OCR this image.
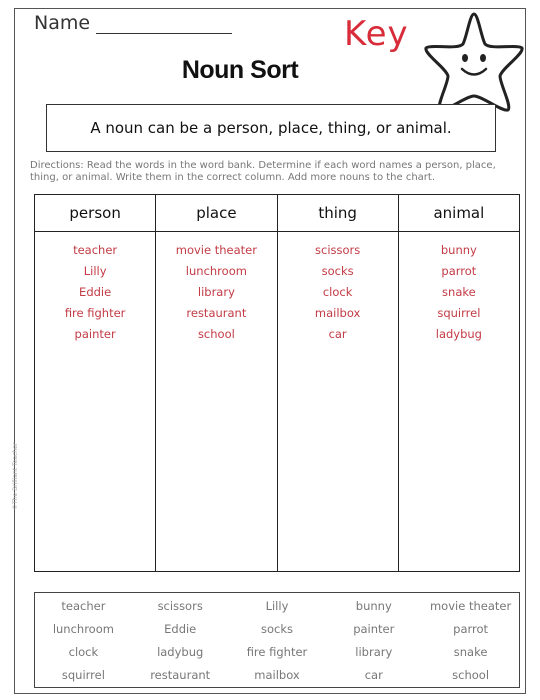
Name	Key
Noun Sort
A noun can be a person, place, thing, or animal.
Directions: Read the words in the word bank. Determine if each word names a person, place, thing, or animal. Write them in the correct column. Add more nouns to the chart.
person
teacher
Lilly
Eddie
fire fighter
painter
place
movie theater
lunchroom
library
restaurant
school
thing
scissors
socks
clock
mailbox
car
animal
bunny
parrot
snake
squirrel
ladybug
teacher	scissors	Lilly	bunny	movie theater
lunchroom	Eddie	socks	painter	parrot
clock	ladybug	fire fighter	library	snake
squirrel	restaurant	mailbox	car	school
©The Brilliant Teacher
